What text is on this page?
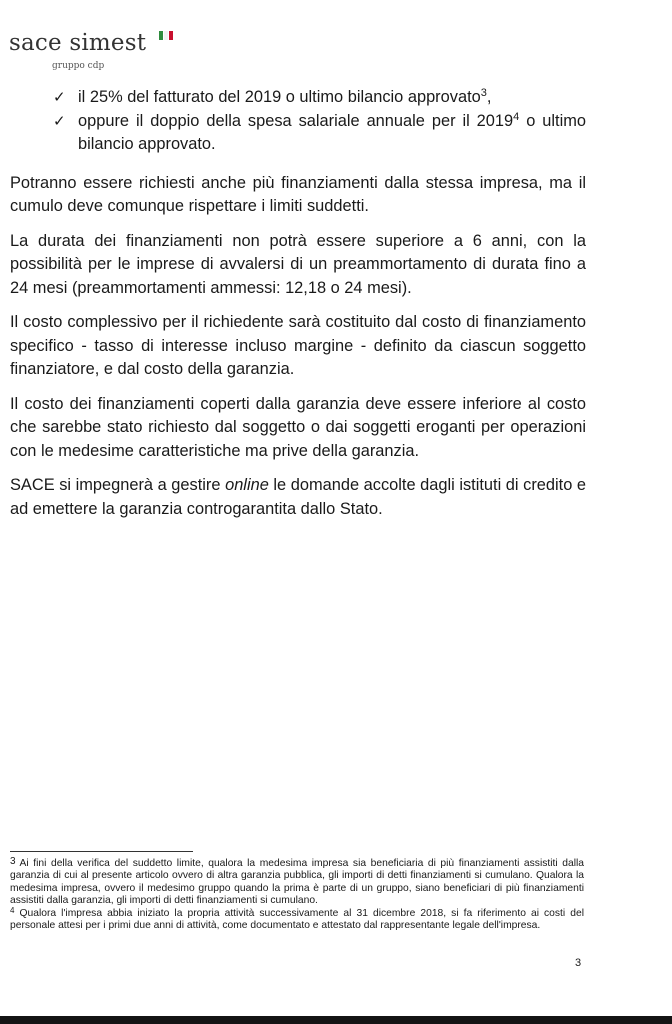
sace simest
gruppo cdp
✓ il 25% del fatturato del 2019 o ultimo bilancio approvato$^3$,
✓ oppure il doppio della spesa salariale annuale per il 2019$^4$ o ultimo bilancio approvato.

Potranno essere richiesti anche più finanziamenti dalla stessa impresa, ma il cumulo deve comunque rispettare i limiti suddetti.

La durata dei finanziamenti non potrà essere superiore a 6 anni, con la possibilità per le imprese di avvalersi di un preammortamento di durata fino a 24 mesi (preammortamenti ammessi: 12,18 o 24 mesi).

Il costo complessivo per il richiedente sarà costituito dal costo di finanziamento specifico - tasso di interesse incluso margine - definito da ciascun soggetto finanziatore, e dal costo della garanzia.

Il costo dei finanziamenti coperti dalla garanzia deve essere inferiore al costo che sarebbe stato richiesto dal soggetto o dai soggetti eroganti per operazioni con le medesime caratteristiche ma prive della garanzia.

SACE si impegnerà a gestire online le domande accolte dagli istituti di credito e ad emettere la garanzia controgarantita dallo Stato.

$^3$ Ai fini della verifica del suddetto limite, qualora la medesima impresa sia beneficiaria di più finanziamenti assistiti dalla garanzia di cui al presente articolo ovvero di altra garanzia pubblica, gli importi di detti finanziamenti si cumulano. Qualora la medesima impresa, ovvero il medesimo gruppo quando la prima è parte di un gruppo, siano beneficiari di più finanziamenti assistiti dalla garanzia, gli importi di detti finanziamenti si cumulano.
$^4$ Qualora l'impresa abbia iniziato la propria attività successivamente al 31 dicembre 2018, si fa riferimento ai costi del personale attesi per i primi due anni di attività, come documentato e attestato dal rappresentante legale dell'impresa.
3
